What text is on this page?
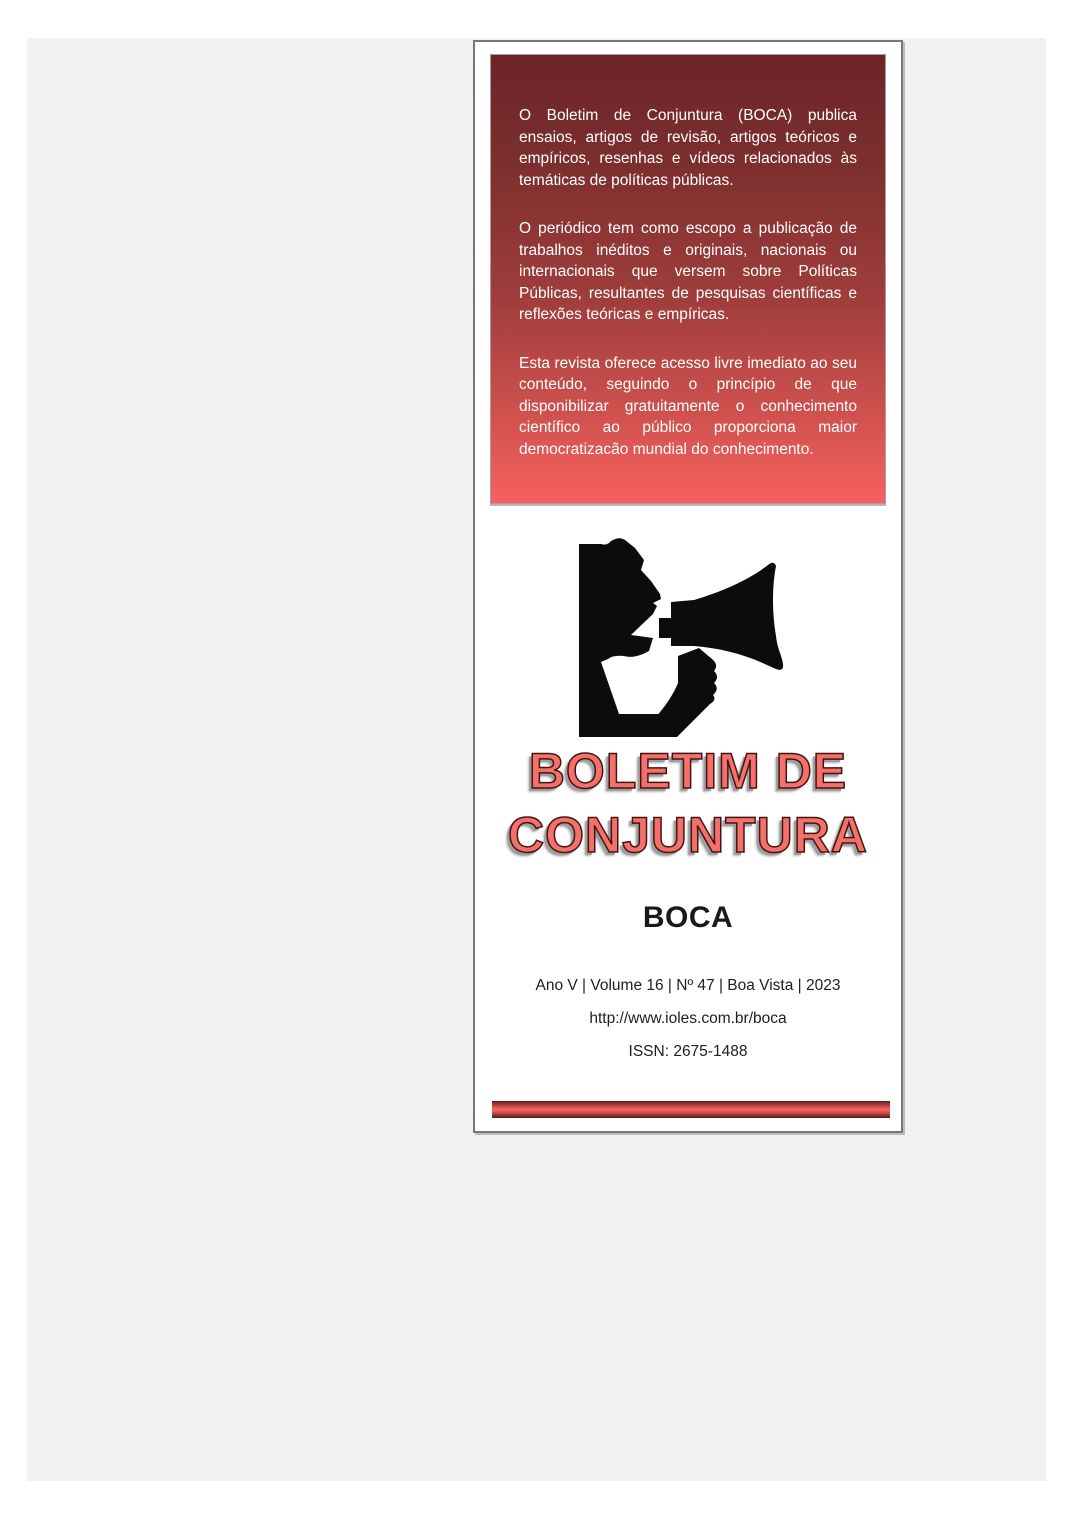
O Boletim de Conjuntura (BOCA) publica ensaios, artigos de revisão, artigos teóricos e empíricos, resenhas e vídeos relacionados às temáticas de políticas públicas.

O periódico tem como escopo a publicação de trabalhos inéditos e originais, nacionais ou internacionais que versem sobre Políticas Públicas, resultantes de pesquisas científicas e reflexões teóricas e empíricas.

Esta revista oferece acesso livre imediato ao seu conteúdo, seguindo o princípio de que disponibilizar gratuitamente o conhecimento científico ao público proporciona maior democratizacão mundial do conhecimento.

BOLETIM DE
CONJUNTURA
BOCA
Ano V | Volume 16 | Nº 47 | Boa Vista | 2023
http://www.ioles.com.br/boca
ISSN: 2675-1488
